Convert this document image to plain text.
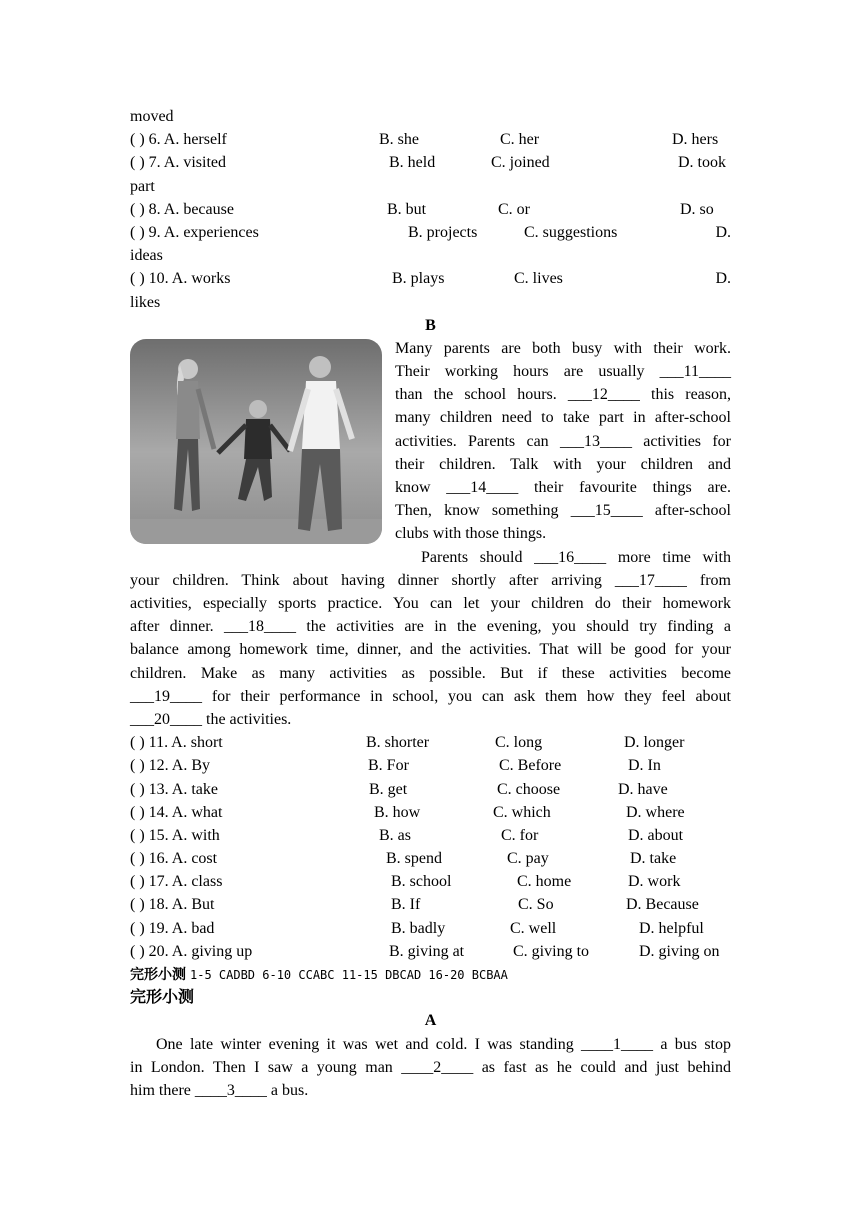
moved
( ) 6. A. herself	B. she	C. her	D. hers
( ) 7. A. visited	B. held	C. joined	D. took
part
( ) 8. A. because	B. but	C. or	D. so
( ) 9. A. experiences	B. projects	C. suggestions	D.
ideas
( ) 10. A. works	B. plays	C. lives	D.
likes
B
Many parents are both busy with their work.
Their working hours are usually ___11____
than the school hours. ___12____ this reason,
many children need to take part in after-school
activities. Parents can ___13____ activities for
their children. Talk with your children and
know ___14____ their favourite things are.
Then, know something ___15____ after-school
clubs with those things.
Parents should ___16____ more time with
your children. Think about having dinner shortly after arriving ___17____ from
activities, especially sports practice. You can let your children do their homework
after dinner. ___18____ the activities are in the evening, you should try finding a
balance among homework time, dinner, and the activities. That will be good for your
children. Make as many activities as possible. But if these activities become
___19____ for their performance in school, you can ask them how they feel about
___20____ the activities.
( ) 11. A. short	B. shorter	C. long	D. longer
( ) 12. A. By	B. For	C. Before	D. In
( ) 13. A. take	B. get	C. choose	D. have
( ) 14. A. what	B. how	C. which	D. where
( ) 15. A. with	B. as	C. for	D. about
( ) 16. A. cost	B. spend	C. pay	D. take
( ) 17. A. class	B. school	C. home	D. work
( ) 18. A. But	B. If	C. So	D. Because
( ) 19. A. bad	B. badly	C. well	D. helpful
( ) 20. A. giving up	B. giving at	C. giving to	D. giving on
完形小测 1-5 CADBD 6-10 CCABC 11-15 DBCAD 16-20 BCBAA
完形小测
A
One late winter evening it was wet and cold. I was standing ____1____ a bus stop
in London. Then I saw a young man ____2____ as fast as he could and just behind
him there ____3____ a bus.
